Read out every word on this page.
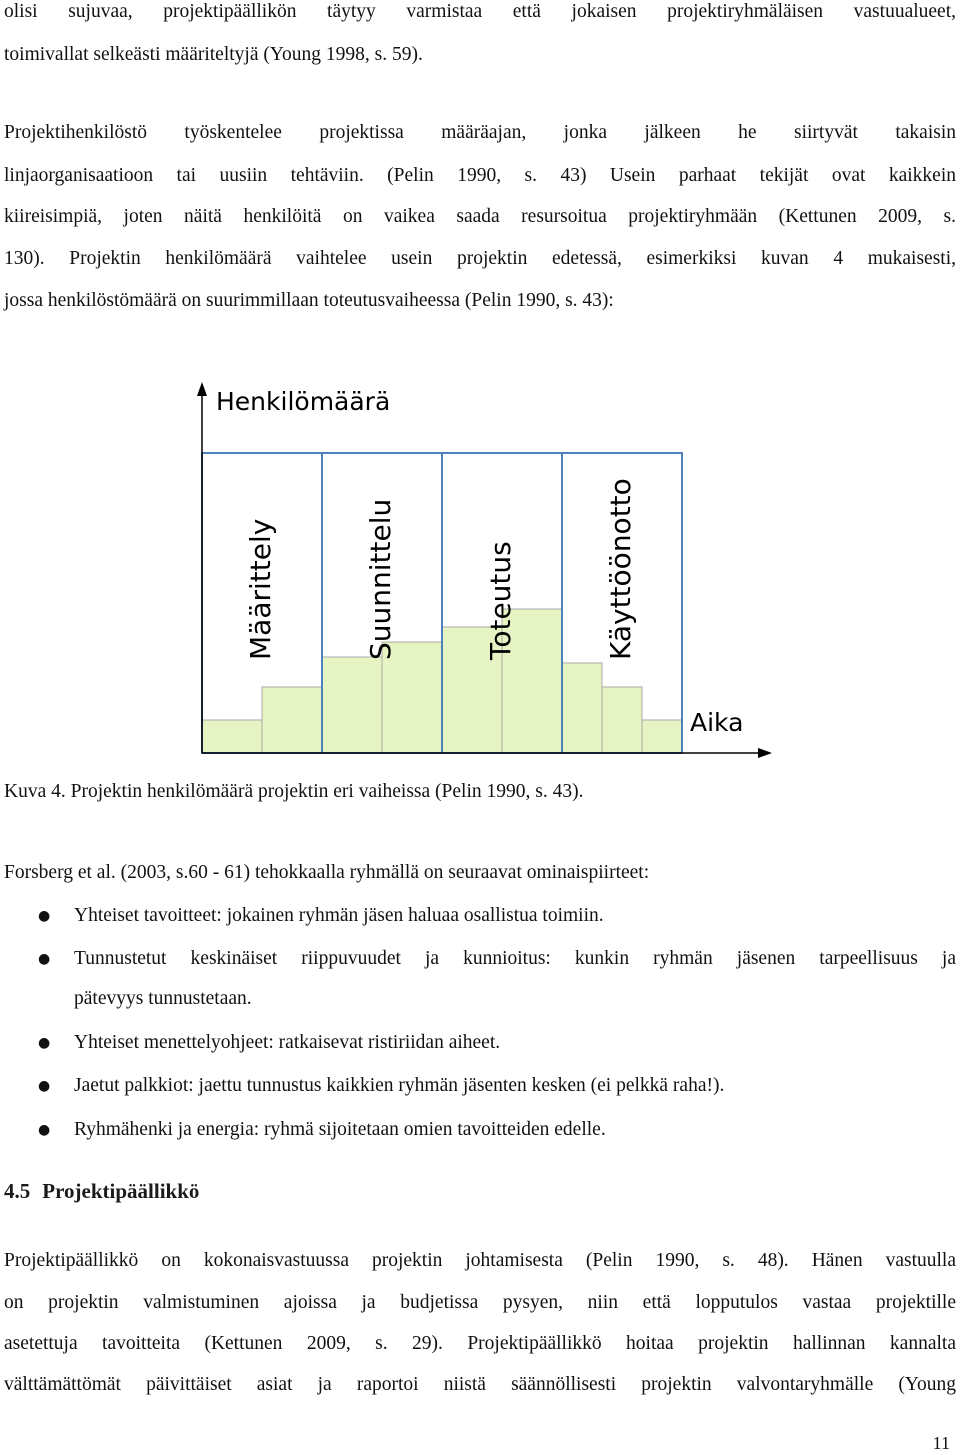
olisi sujuvaa, projektipäällikön täytyy varmistaa että jokaisen projektiryhmäläisen vastuualueet,
toimivallat selkeästi määriteltyjä (Young 1998, s. 59).
Projektihenkilöstö työskentelee projektissa määräajan, jonka jälkeen he siirtyvät takaisin
linjaorganisaatioon tai uusiin tehtäviin. (Pelin 1990, s. 43) Usein parhaat tekijät ovat kaikkein
kiireisimpiä, joten näitä henkilöitä on vaikea saada resursoitua projektiryhmään (Kettunen 2009, s.
130). Projektin henkilömäärä vaihtelee usein projektin edetessä, esimerkiksi kuvan 4 mukaisesti,
jossa henkilöstömäärä on suurimmillaan toteutusvaiheessa (Pelin 1990, s. 43):
Henkilömäärä
Aika
Määrittely	Suunnittelu	Toteutus	Käyttöönotto
Kuva 4. Projektin henkilömäärä projektin eri vaiheissa (Pelin 1990, s. 43).
Forsberg et al. (2003, s.60 - 61) tehokkaalla ryhmällä on seuraavat ominaispiirteet:
● Yhteiset tavoitteet: jokainen ryhmän jäsen haluaa osallistua toimiin.
● Tunnustetut keskinäiset riippuvuudet ja kunnioitus: kunkin ryhmän jäsenen tarpeellisuus ja
pätevyys tunnustetaan.
● Yhteiset menettelyohjeet: ratkaisevat ristiriidan aiheet.
● Jaetut palkkiot: jaettu tunnustus kaikkien ryhmän jäsenten kesken (ei pelkkä raha!).
● Ryhmähenki ja energia: ryhmä sijoitetaan omien tavoitteiden edelle.
4.5 Projektipäällikkö
Projektipäällikkö on kokonaisvastuussa projektin johtamisesta (Pelin 1990, s. 48). Hänen vastuulla
on projektin valmistuminen ajoissa ja budjetissa pysyen, niin että lopputulos vastaa projektille
asetettuja tavoitteita (Kettunen 2009, s. 29). Projektipäällikkö hoitaa projektin hallinnan kannalta
välttämättömät päivittäiset asiat ja raportoi niistä säännöllisesti projektin valvontaryhmälle (Young
11
